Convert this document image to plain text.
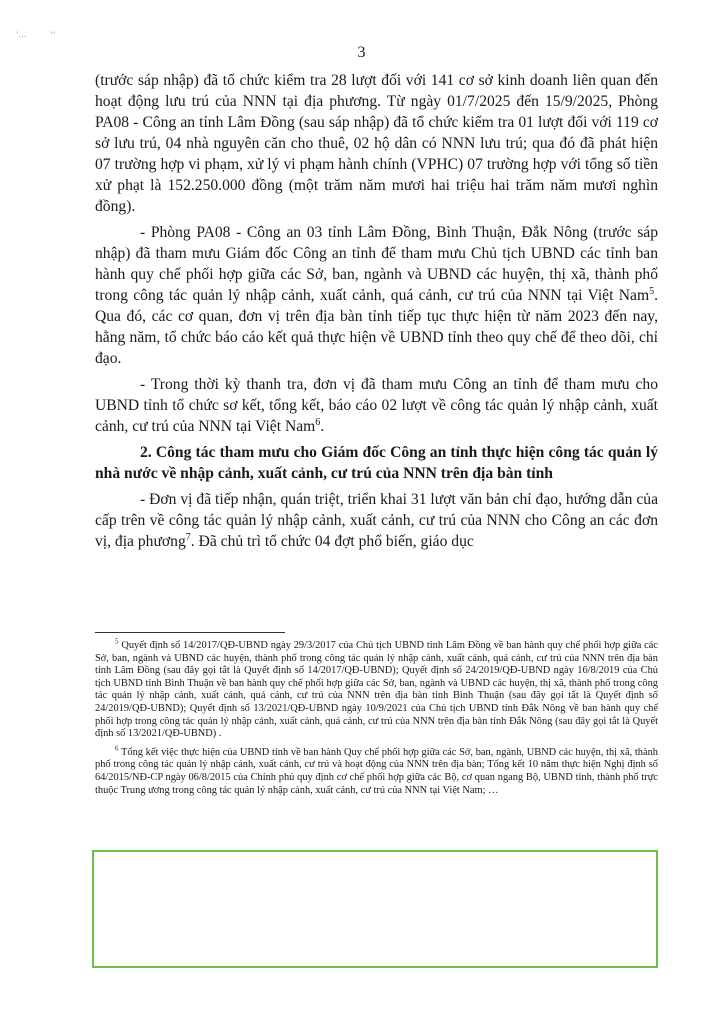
’…	‘’
3

(trước sáp nhập) đã tổ chức kiểm tra 28 lượt đối với 141 cơ sở kinh doanh liên quan đến hoạt động lưu trú của NNN tại địa phương. Từ ngày 01/7/2025 đến 15/9/2025, Phòng PA08 - Công an tỉnh Lâm Đồng (sau sáp nhập) đã tổ chức kiểm tra 01 lượt đối với 119 cơ sở lưu trú, 04 nhà nguyên căn cho thuê, 02 hộ dân có NNN lưu trú; qua đó đã phát hiện 07 trường hợp vi phạm, xử lý vi phạm hành chính (VPHC) 07 trường hợp với tổng số tiền xử phạt là 152.250.000 đồng (một trăm năm mươi hai triệu hai trăm năm mươi nghìn đồng).

- Phòng PA08 - Công an 03 tỉnh Lâm Đồng, Bình Thuận, Đắk Nông (trước sáp nhập) đã tham mưu Giám đốc Công an tỉnh để tham mưu Chủ tịch UBND các tỉnh ban hành quy chế phối hợp giữa các Sở, ban, ngành và UBND các huyện, thị xã, thành phố trong công tác quản lý nhập cảnh, xuất cảnh, quá cảnh, cư trú của NNN tại Việt Nam$^5$. Qua đó, các cơ quan, đơn vị trên địa bàn tỉnh tiếp tục thực hiện từ năm 2023 đến nay, hằng năm, tổ chức báo cáo kết quả thực hiện về UBND tỉnh theo quy chế để theo dõi, chỉ đạo.

- Trong thời kỳ thanh tra, đơn vị đã tham mưu Công an tỉnh để tham mưu cho UBND tỉnh tổ chức sơ kết, tổng kết, báo cáo 02 lượt về công tác quản lý nhập cảnh, xuất cảnh, cư trú của NNN tại Việt Nam$^6$.

2. Công tác tham mưu cho Giám đốc Công an tỉnh thực hiện công tác quản lý nhà nước về nhập cảnh, xuất cảnh, cư trú của NNN trên địa bàn tỉnh

- Đơn vị đã tiếp nhận, quán triệt, triển khai 31 lượt văn bản chỉ đạo, hướng dẫn của cấp trên về công tác quản lý nhập cảnh, xuất cảnh, cư trú của NNN cho Công an các đơn vị, địa phương$^7$. Đã chủ trì tổ chức 04 đợt phổ biến, giáo dục

$^5$ Quyết định số 14/2017/QĐ-UBND ngày 29/3/2017 của Chủ tịch UBND tỉnh Lâm Đồng về ban hành quy chế phối hợp giữa các Sở, ban, ngành và UBND các huyện, thành phố trong công tác quản lý nhập cảnh, xuất cảnh, quá cảnh, cư trú của NNN trên địa bàn tỉnh Lâm Đồng (sau đây gọi tắt là Quyết định số 14/2017/QĐ-UBND); Quyết định số 24/2019/QĐ-UBND ngày 16/8/2019 của Chủ tịch UBND tỉnh Bình Thuận về ban hành quy chế phối hợp giữa các Sở, ban, ngành và UBND các huyện, thị xã, thành phố trong công tác quản lý nhập cảnh, xuất cảnh, quá cảnh, cư trú của NNN trên địa bàn tỉnh Bình Thuận (sau đây gọi tắt là Quyết định số 24/2019/QĐ-UBND); Quyết định số 13/2021/QĐ-UBND ngày 10/9/2021 của Chủ tịch UBND tỉnh Đắk Nông về ban hành quy chế phối hợp trong công tác quản lý nhập cảnh, xuất cảnh, quá cảnh, cư trú của NNN trên địa bàn tỉnh Đắk Nông (sau đây gọi tắt là Quyết định số 13/2021/QĐ-UBND) .

$^6$ Tổng kết việc thực hiện của UBND tỉnh về ban hành Quy chế phối hợp giữa các Sở, ban, ngành, UBND các huyện, thị xã, thành phố trong công tác quản lý nhập cảnh, xuất cảnh, cư trú và hoạt động của NNN trên địa bàn; Tổng kết 10 năm thực hiện Nghị định số 64/2015/NĐ-CP ngày 06/8/2015 của Chính phủ quy định cơ chế phối hợp giữa các Bộ, cơ quan ngang Bộ, UBND tỉnh, thành phố trực thuộc Trung ương trong công tác quản lý nhập cảnh, xuất cảnh, cư trú của NNN tại Việt Nam; …
